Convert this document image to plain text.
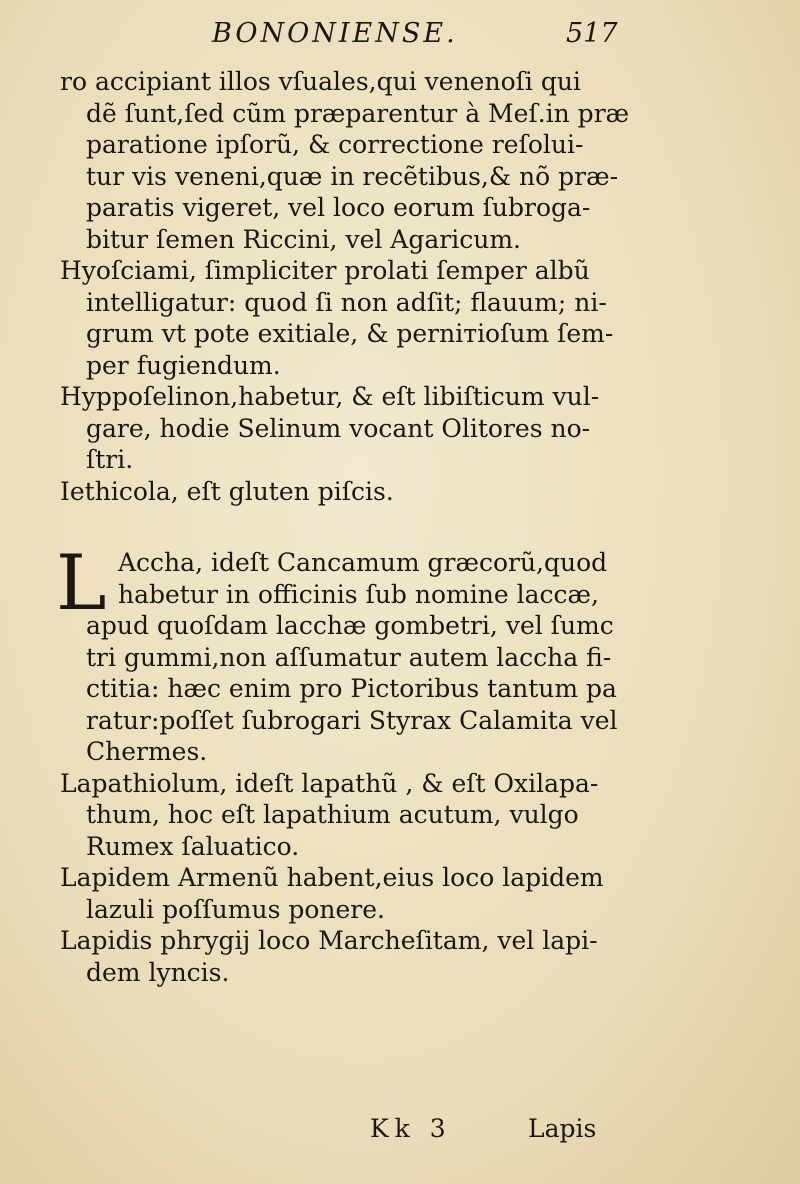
BONONIENSE.	517
ro accipiant illos vſuales,qui venenoſi qui
dẽ ſunt,ſed cũm præparentur à Meſ.in præ
paratione ipſorũ, & correctione reſolui-
tur vis veneni,quæ in recẽtibus,& nõ præ-
paratis vigeret, vel loco eorum ſubroga-
bitur ſemen Riccini, vel Agaricum.
Hyoſciami, ſimpliciter prolati ſemper albũ
intelligatur: quod ſi non adſit; flauum; ni-
grum vt pote exitiale, & perniтioſum ſem-
per fugiendum.
Hyppoſelinon,habetur, & eſt libiſticum vul-
gare, hodie Selinum vocant Olitores no-
ſtri.
Iethicola, eſt gluten piſcis.
L Accha, ideſt Cancamum græcorũ,quod
habetur in officinis ſub nomine laccæ,
apud quoſdam lacchæ gombetri, vel ſumc
tri gummi,non aſſumatur autem laccha fi-
ctitia: hæc enim pro Pictoribus tantum pa
ratur:poſſet ſubrogari Styrax Calamita vel
Chermes.
Lapathiolum, ideſt lapathũ , & eſt Oxilapa-
thum, hoc eſt lapathium acutum, vulgo
Rumex ſaluatico.
Lapidem Armenũ habent,eius loco lapidem
lazuli poſſumus ponere.
Lapidis phrygij loco Marcheſitam, vel lapi-
dem lyncis.
Kk 3	Lapis
